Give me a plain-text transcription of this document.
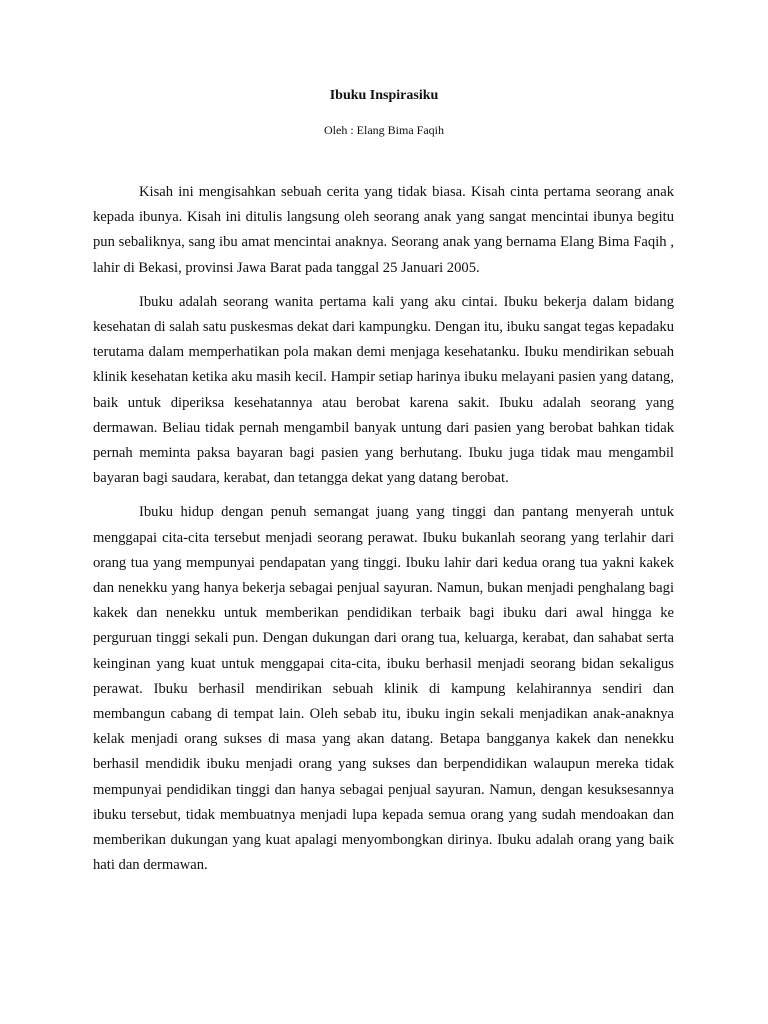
Ibuku Inspirasiku

Oleh : Elang Bima Faqih

Kisah ini mengisahkan sebuah cerita yang tidak biasa. Kisah cinta pertama seorang anak kepada ibunya. Kisah ini ditulis langsung oleh seorang anak yang sangat mencintai ibunya begitu pun sebaliknya, sang ibu amat mencintai anaknya. Seorang anak yang bernama Elang Bima Faqih , lahir di Bekasi, provinsi Jawa Barat pada tanggal 25 Januari 2005.

Ibuku adalah seorang wanita pertama kali yang aku cintai. Ibuku bekerja dalam bidang kesehatan di salah satu puskesmas dekat dari kampungku. Dengan itu, ibuku sangat tegas kepadaku terutama dalam memperhatikan pola makan demi menjaga kesehatanku. Ibuku mendirikan sebuah klinik kesehatan ketika aku masih kecil. Hampir setiap harinya ibuku melayani pasien yang datang, baik untuk diperiksa kesehatannya atau berobat karena sakit. Ibuku adalah seorang yang dermawan. Beliau tidak pernah mengambil banyak untung dari pasien yang berobat bahkan tidak pernah meminta paksa bayaran bagi pasien yang berhutang. Ibuku juga tidak mau mengambil bayaran bagi saudara, kerabat, dan tetangga dekat yang datang berobat.

Ibuku hidup dengan penuh semangat juang yang tinggi dan pantang menyerah untuk menggapai cita-cita tersebut menjadi seorang perawat. Ibuku bukanlah seorang yang terlahir dari orang tua yang mempunyai pendapatan yang tinggi. Ibuku lahir dari kedua orang tua yakni kakek dan nenekku yang hanya bekerja sebagai penjual sayuran. Namun, bukan menjadi penghalang bagi kakek dan nenekku untuk memberikan pendidikan terbaik bagi ibuku dari awal hingga ke perguruan tinggi sekali pun. Dengan dukungan dari orang tua, keluarga, kerabat, dan sahabat serta keinginan yang kuat untuk menggapai cita-cita, ibuku berhasil menjadi seorang bidan sekaligus perawat. Ibuku berhasil mendirikan sebuah klinik di kampung kelahirannya sendiri dan membangun cabang di tempat lain. Oleh sebab itu, ibuku ingin sekali menjadikan anak-anaknya kelak menjadi orang sukses di masa yang akan datang. Betapa bangganya kakek dan nenekku berhasil mendidik ibuku menjadi orang yang sukses dan berpendidikan walaupun mereka tidak mempunyai pendidikan tinggi dan hanya sebagai penjual sayuran. Namun, dengan kesuksesannya ibuku tersebut, tidak membuatnya menjadi lupa kepada semua orang yang sudah mendoakan dan memberikan dukungan yang kuat apalagi menyombongkan dirinya. Ibuku adalah orang yang baik hati dan dermawan.
